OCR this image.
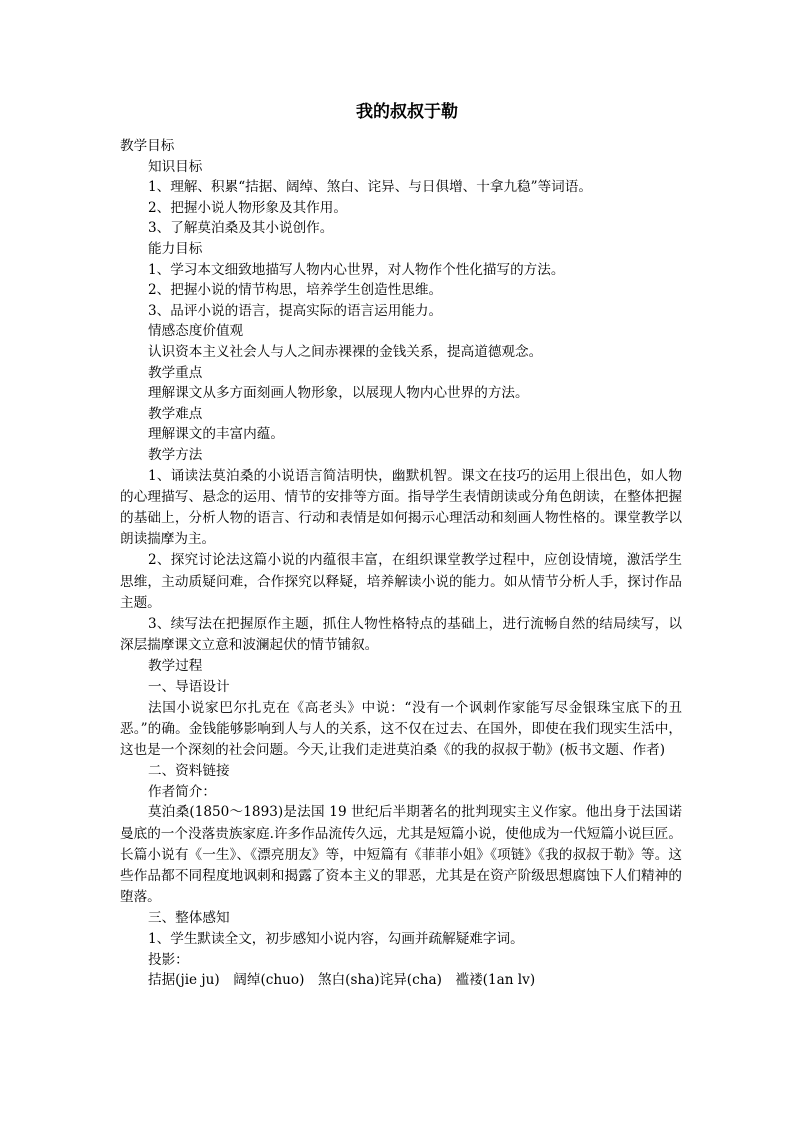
我的叔叔于勒

教学目标

知识目标

1、理解、积累“拮据、阔绰、煞白、诧异、与日俱增、十拿九稳”等词语。

2、把握小说人物形象及其作用。

3、了解莫泊桑及其小说创作。

能力目标

1、学习本文细致地描写人物内心世界，对人物作个性化描写的方法。

2、把握小说的情节构思，培养学生创造性思维。

3、品评小说的语言，提高实际的语言运用能力。

情感态度价值观

认识资本主义社会人与人之间赤裸裸的金钱关系，提高道德观念。

教学重点

理解课文从多方面刻画人物形象，以展现人物内心世界的方法。

教学难点

理解课文的丰富内蕴。

教学方法

1、诵读法莫泊桑的小说语言简洁明快，幽默机智。课文在技巧的运用上很出色，如人物的心理描写、悬念的运用、情节的安排等方面。指导学生表情朗读或分角色朗读，在整体把握的基础上，分析人物的语言、行动和表情是如何揭示心理活动和刻画人物性格的。课堂教学以朗读揣摩为主。

2、探究讨论法这篇小说的内蕴很丰富，在组织课堂教学过程中，应创设情境，激活学生思维，主动质疑问难，合作探究以释疑，培养解读小说的能力。如从情节分析人手，探讨作品主题。

3、续写法在把握原作主题，抓住人物性格特点的基础上，进行流畅自然的结局续写，以深层揣摩课文立意和波澜起伏的情节铺叙。

教学过程

一、导语设计

法国小说家巴尔扎克在《高老头》中说：“没有一个讽刺作家能写尽金银珠宝底下的丑恶。”的确。金钱能够影响到人与人的关系，这不仅在过去、在国外，即使在我们现实生活中，这也是一个深刻的社会问题。今天,让我们走进莫泊桑《的我的叔叔于勒》(板书文题、作者)

二、资料链接

作者简介：

莫泊桑(1850～1893)是法国 19 世纪后半期著名的批判现实主义作家。他出身于法国诺曼底的一个没落贵族家庭.许多作品流传久远，尤其是短篇小说，使他成为一代短篇小说巨匠。长篇小说有《一生》、《漂亮朋友》等，中短篇有《菲菲小姐》《项链》《我的叔叔于勒》等。这些作品都不同程度地讽刺和揭露了资本主义的罪恶，尤其是在资产阶级思想腐蚀下人们精神的堕落。

三、整体感知

1、学生默读全文，初步感知小说内容，勾画并疏解疑难字词。

投影：

拮据(jie ju)　阔绰(chuo)　煞白(sha)诧异(cha)　褴褛(1an lv)
